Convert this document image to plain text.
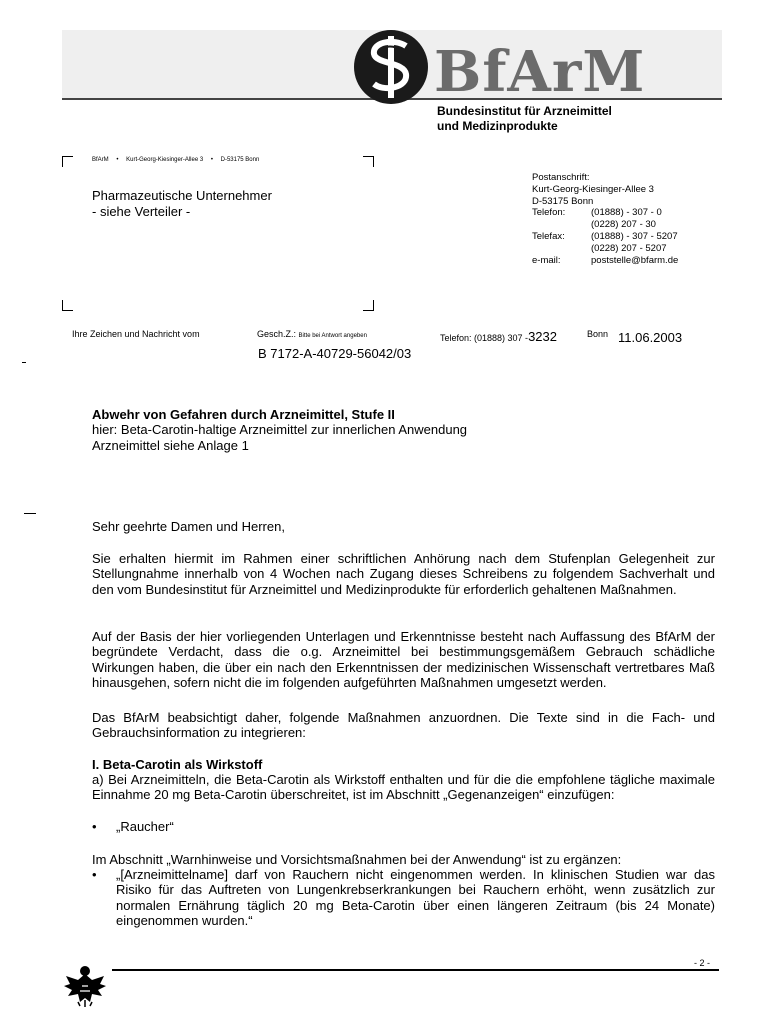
BfArM
Bundesinstitut für Arzneimittel
und Medizinprodukte
BfArM • Kurt-Georg-Kiesinger-Allee 3 • D-53175 Bonn
Pharmazeutische Unternehmer
- siehe Verteiler -
Postanschrift:
Kurt-Georg-Kiesinger-Allee 3
D-53175 Bonn
Telefon:	(01888) - 307 - 0
	(0228) 207 - 30
Telefax:	(01888) - 307 - 5207
	(0228) 207 - 5207
e-mail:	poststelle@bfarm.de
Ihre Zeichen und Nachricht vom	Gesch.Z.: Bitte bei Antwort angeben
B 7172-A-40729-56042/03
Telefon: (01888) 307 -3232	Bonn 11.06.2003
Abwehr von Gefahren durch Arzneimittel, Stufe II
hier: Beta-Carotin-haltige Arzneimittel zur innerlichen Anwendung
Arzneimittel siehe Anlage 1
Sehr geehrte Damen und Herren,
Sie erhalten hiermit im Rahmen einer schriftlichen Anhörung nach dem Stufenplan Gelegenheit zur Stellungnahme innerhalb von 4 Wochen nach Zugang dieses Schreibens zu folgendem Sachverhalt und den vom Bundesinstitut für Arzneimittel und Medizinprodukte für erforderlich gehaltenen Maßnahmen.
Auf der Basis der hier vorliegenden Unterlagen und Erkenntnisse besteht nach Auffassung des BfArM der begründete Verdacht, dass die o.g. Arzneimittel bei bestimmungsgemäßem Gebrauch schädliche Wirkungen haben, die über ein nach den Erkenntnissen der medizinischen Wissenschaft vertretbares Maß hinausgehen, sofern nicht die im folgenden aufgeführten Maßnahmen umgesetzt werden.
Das BfArM beabsichtigt daher, folgende Maßnahmen anzuordnen. Die Texte sind in die Fach- und Gebrauchsinformation zu integrieren:
I. Beta-Carotin als Wirkstoff
a) Bei Arzneimitteln, die Beta-Carotin als Wirkstoff enthalten und für die die empfohlene tägliche maximale Einnahme 20 mg Beta-Carotin überschreitet, ist im Abschnitt „Gegenanzeigen“ einzufügen:
• „Raucher“
Im Abschnitt „Warnhinweise und Vorsichtsmaßnahmen bei der Anwendung“ ist zu ergänzen:
• „[Arzneimittelname] darf von Rauchern nicht eingenommen werden. In klinischen Studien war das Risiko für das Auftreten von Lungenkrebserkrankungen bei Rauchern erhöht, wenn zusätzlich zur normalen Ernährung täglich 20 mg Beta-Carotin über einen längeren Zeitraum (bis 24 Monate) eingenommen wurden.“
- 2 -
